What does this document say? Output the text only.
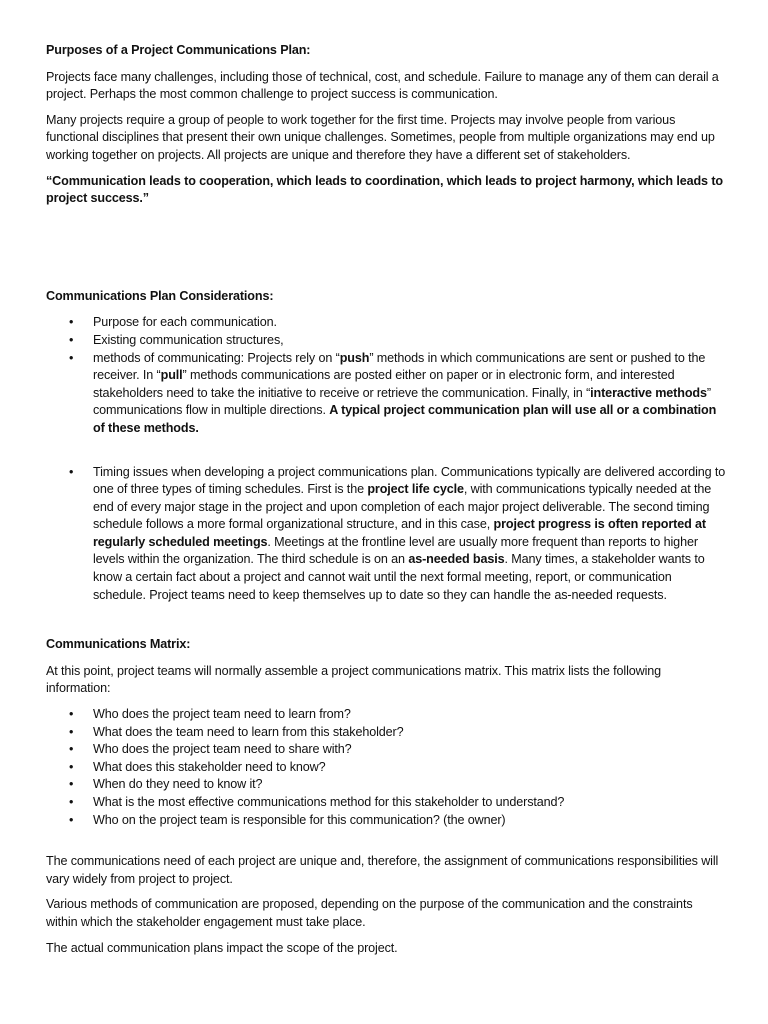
Purposes of a Project Communications Plan:

Projects face many challenges, including those of technical, cost, and schedule. Failure to manage any of them can derail a project. Perhaps the most common challenge to project success is communication.

Many projects require a group of people to work together for the first time. Projects may involve people from various functional disciplines that present their own unique challenges. Sometimes, people from multiple organizations may end up working together on projects. All projects are unique and therefore they have a different set of stakeholders.

“Communication leads to cooperation, which leads to coordination, which leads to project harmony, which leads to project success.”

Communications Plan Considerations:

• Purpose for each communication.
• Existing communication structures,
• methods of communicating: Projects rely on “push” methods in which communications are sent or pushed to the receiver. In “pull” methods communications are posted either on paper or in electronic form, and interested stakeholders need to take the initiative to receive or retrieve the communication. Finally, in “interactive methods” communications flow in multiple directions. A typical project communication plan will use all or a combination of these methods.
• Timing issues when developing a project communications plan. Communications typically are delivered according to one of three types of timing schedules. First is the project life cycle, with communications typically needed at the end of every major stage in the project and upon completion of each major project deliverable. The second timing schedule follows a more formal organizational structure, and in this case, project progress is often reported at regularly scheduled meetings. Meetings at the frontline level are usually more frequent than reports to higher levels within the organization. The third schedule is on an as-needed basis. Many times, a stakeholder wants to know a certain fact about a project and cannot wait until the next formal meeting, report, or communication schedule. Project teams need to keep themselves up to date so they can handle the as-needed requests.

Communications Matrix:

At this point, project teams will normally assemble a project communications matrix. This matrix lists the following information:

• Who does the project team need to learn from?
• What does the team need to learn from this stakeholder?
• Who does the project team need to share with?
• What does this stakeholder need to know?
• When do they need to know it?
• What is the most effective communications method for this stakeholder to understand?
• Who on the project team is responsible for this communication? (the owner)

The communications need of each project are unique and, therefore, the assignment of communications responsibilities will vary widely from project to project.

Various methods of communication are proposed, depending on the purpose of the communication and the constraints within which the stakeholder engagement must take place.

The actual communication plans impact the scope of the project.
